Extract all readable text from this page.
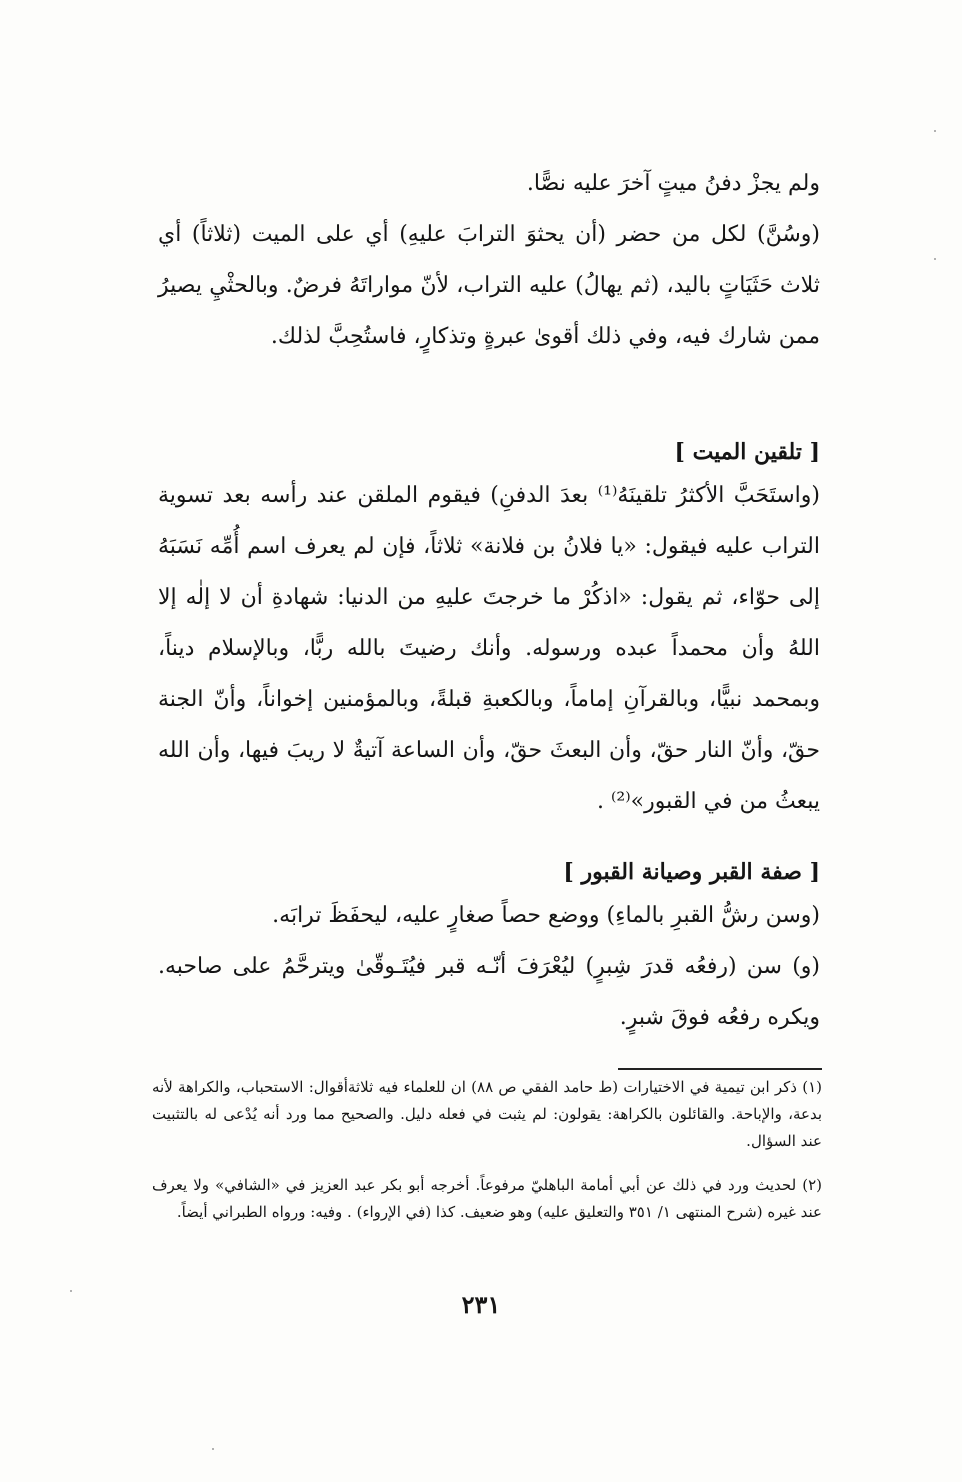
ولم يجزْ دفنُ ميتٍ آخرَ عليه نصًّا.

(وسُنَّ) لكل من حضر (أن يحثوَ الترابَ عليهِ) أي على الميت (ثلاثاً) أي ثلاث حَثَيَاتٍ باليد، (ثم يهالُ) عليه التراب، لأنّ مواراتَهُ فرضٌ. وبالحثْيِ يصيرُ ممن شارك فيه، وفي ذلك أقوىٰ عبرةٍ وتذكارٍ، فاستُحِبَّ لذلك.

[ تلقين الميت ]

(واستَحَبَّ الأكثرُ تلقينَهُ⁽¹⁾ بعدَ الدفنِ) فيقوم الملقن عند رأسه بعد تسوية التراب عليه فيقول: «يا فلانُ بن فلانة» ثلاثاً، فإن لم يعرف اسم أُمِّه نَسَبَهُ إلى حوّاء، ثم يقول: «اذكُرْ ما خرجتَ عليهِ من الدنيا: شهادةِ أن لا إلٰه إلا اللهُ وأن محمداً عبده ورسوله. وأنك رضيتَ بالله ربًّا، وبالإسلام ديناً، وبمحمد نبيًّا، وبالقرآنِ إماماً، وبالكعبةِ قبلةً، وبالمؤمنين إخواناً، وأنّ الجنة حقّ، وأنّ النار حقّ، وأن البعثَ حقّ، وأن الساعة آتيةٌ لا ريبَ فيها، وأن الله يبعثُ من في القبور»⁽²⁾ .

[ صفة القبر وصيانة القبور ]

(وسن رشُّ القبرِ بالماءِ) ووضع حصاً صغارٍ عليه، ليحفَظَ ترابَه.

(و) سن (رفعُه قدرَ شِبرٍ) ليُعْرَفَ أنّـه قبر فيُتَـوقّىٰ ويترحَّمُ على صاحبه. ويكره رفعُه فوقَ شبرٍ.

(١) ذكر ابن تيمية في الاختيارات (ط حامد الفقي ص ٨٨) ان للعلماء فيه ثلاثةأقوال: الاستحباب، والكراهة لأنه بدعة، والإباحة. والقائلون بالكراهة: يقولون: لم يثبت في فعله دليل. والصحيح مما ورد أنه يُدْعى له بالتثبيت عند السؤال.

(٢) لحديث ورد في ذلك عن أبي أمامة الباهليّ مرفوعاً. أخرجه أبو بكر عبد العزيز في «الشافي» ولا يعرف عند غيره (شرح المنتهى ١/ ٣٥١ والتعليق عليه) وهو ضعيف. كذا (في الإرواء) . وفيه: ورواه الطبراني أيضاً.

٢٣١
